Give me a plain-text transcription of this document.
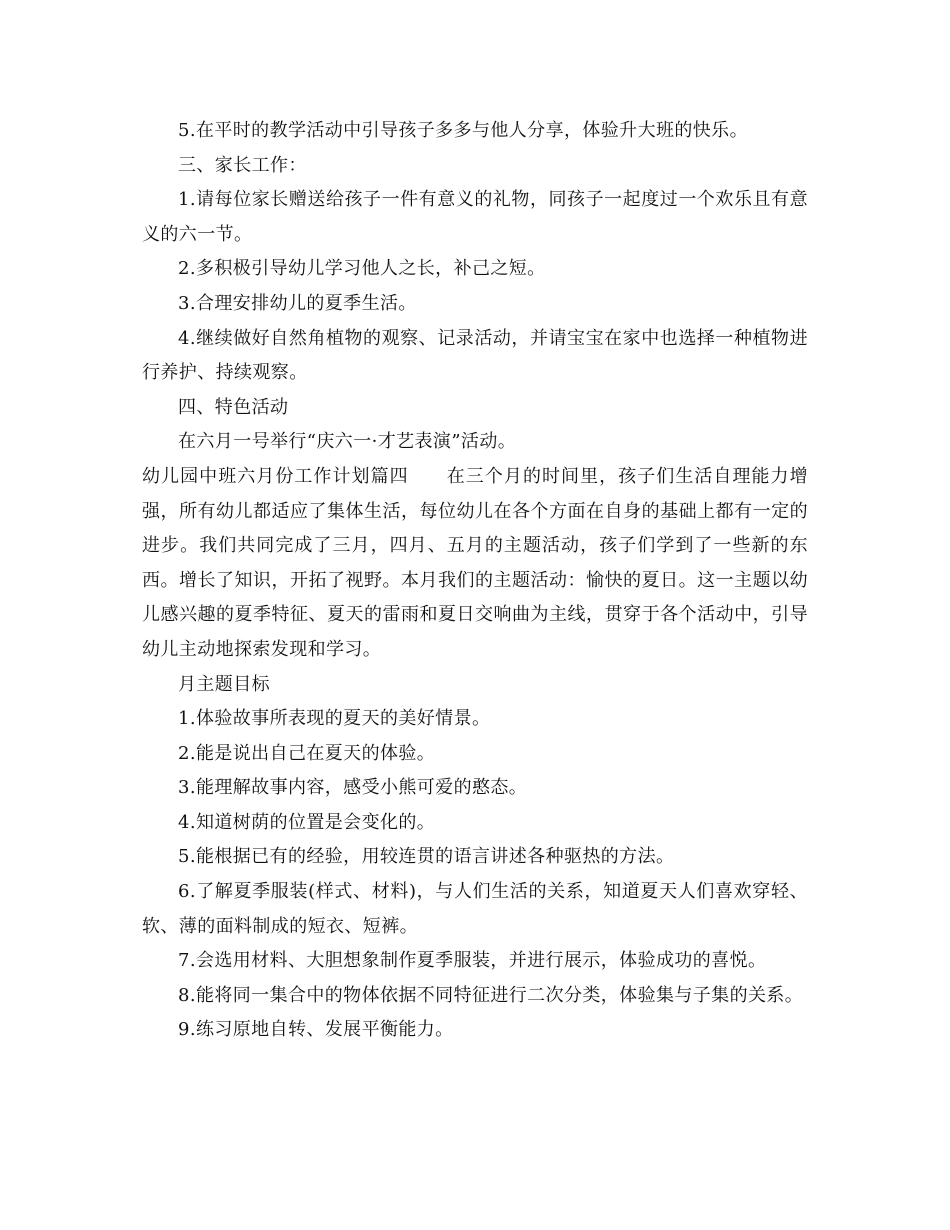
5.在平时的教学活动中引导孩子多多与他人分享，体验升大班的快乐。

三、家长工作：

1.请每位家长赠送给孩子一件有意义的礼物，同孩子一起度过一个欢乐且有意义的六一节。

2.多积极引导幼儿学习他人之长，补己之短。

3.合理安排幼儿的夏季生活。

4.继续做好自然角植物的观察、记录活动，并请宝宝在家中也选择一种植物进行养护、持续观察。

四、特色活动

在六月一号举行“庆六一·才艺表演”活动。

幼儿园中班六月份工作计划篇四　　在三个月的时间里，孩子们生活自理能力增强，所有幼儿都适应了集体生活，每位幼儿在各个方面在自身的基础上都有一定的进步。我们共同完成了三月，四月、五月的主题活动，孩子们学到了一些新的东西。增长了知识，开拓了视野。本月我们的主题活动：愉快的夏日。这一主题以幼儿感兴趣的夏季特征、夏天的雷雨和夏日交响曲为主线，贯穿于各个活动中，引导幼儿主动地探索发现和学习。

月主题目标

1.体验故事所表现的夏天的美好情景。

2.能是说出自己在夏天的体验。

3.能理解故事内容，感受小熊可爱的憨态。

4.知道树荫的位置是会变化的。

5.能根据已有的经验，用较连贯的语言讲述各种驱热的方法。

6.了解夏季服装(样式、材料)，与人们生活的关系，知道夏天人们喜欢穿轻、软、薄的面料制成的短衣、短裤。

7.会选用材料、大胆想象制作夏季服装，并进行展示，体验成功的喜悦。

8.能将同一集合中的物体依据不同特征进行二次分类，体验集与子集的关系。

9.练习原地自转、发展平衡能力。
